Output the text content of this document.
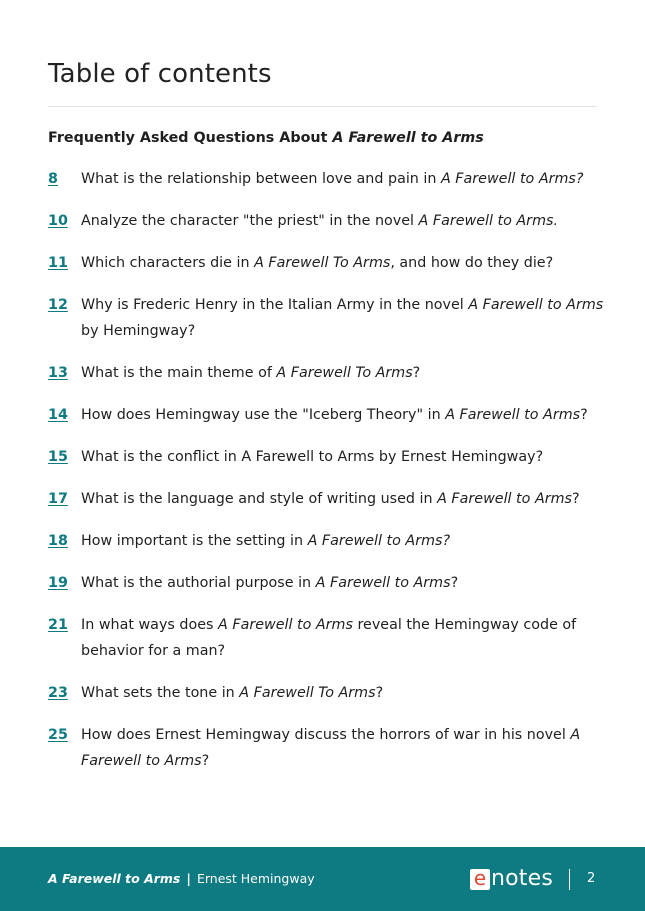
Table of contents
Frequently Asked Questions About A Farewell to Arms
8	What is the relationship between love and pain in A Farewell to Arms?
10 Analyze the character "the priest" in the novel A Farewell to Arms.
11 Which characters die in A Farewell To Arms, and how do they die?
12 Why is Frederic Henry in the Italian Army in the novel A Farewell to Arms by Hemingway?
13 What is the main theme of A Farewell To Arms?
14 How does Hemingway use the "Iceberg Theory" in A Farewell to Arms?
15 What is the conflict in A Farewell to Arms by Ernest Hemingway?
17 What is the language and style of writing used in A Farewell to Arms?
18 How important is the setting in A Farewell to Arms?
19 What is the authorial purpose in A Farewell to Arms?
21 In what ways does A Farewell to Arms reveal the Hemingway code of behavior for a man?
23 What sets the tone in A Farewell To Arms?
25 How does Ernest Hemingway discuss the horrors of war in his novel A Farewell to Arms?
A Farewell to Arms | Ernest Hemingway	e notes	2
